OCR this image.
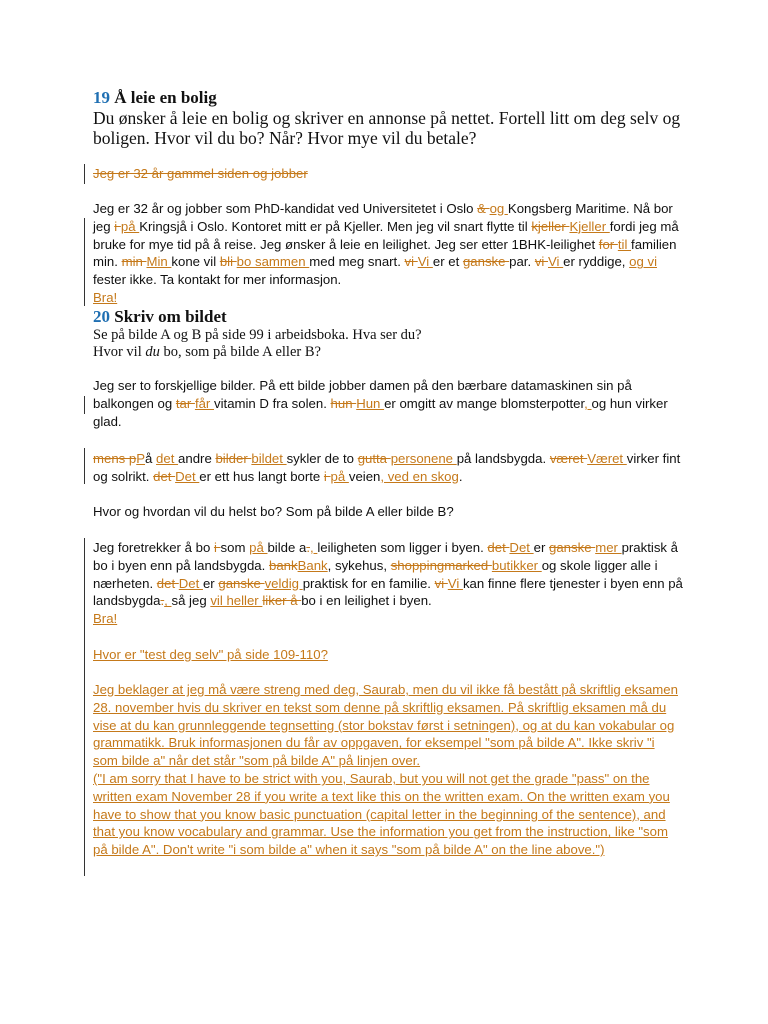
19 Å leie en bolig
Du ønsker å leie en bolig og skriver en annonse på nettet. Fortell litt om deg selv og boligen. Hvor vil du bo? Når? Hvor mye vil du betale?
Jeg er 32 år gammel siden og jobber
Jeg er 32 år og jobber som PhD-kandidat ved Universitetet i Oslo & og Kongsberg Maritime. Nå bor jeg i på Kringsjå i Oslo. Kontoret mitt er på Kjeller. Men jeg vil snart flytte til kjeller Kjeller fordi jeg må bruke for mye tid på å reise. Jeg ønsker å leie en leilighet. Jeg ser etter 1BHK-leilighet for til familien min. min Min kone vil bli bo sammen med meg snart. vi Vi er et ganske par. vi Vi er ryddige, og vi fester ikke. Ta kontakt for mer informasjon.
Bra!
20 Skriv om bildet
Se på bilde A og B på side 99 i arbeidsboka. Hva ser du?
Hvor vil du bo, som på bilde A eller B?
Jeg ser to forskjellige bilder. På ett bilde jobber damen på den bærbare datamaskinen sin på balkongen og tar får vitamin D fra solen. hun Hun er omgitt av mange blomsterpotter, og hun virker glad.
mens pPå det andre bilder bildet sykler de to gutta personene på landsbygda. været Været virker fint og solrikt. det Det er ett hus langt borte i på veien, ved en skog.
Hvor og hvordan vil du helst bo? Som på bilde A eller bilde B?
Jeg foretrekker å bo i som på bilde a., leiligheten som ligger i byen. det Det er ganske mer praktisk å bo i byen enn på landsbygda. bankBank, sykehus, shoppingmarked butikker og skole ligger alle i nærheten. det Det er ganske veldig praktisk for en familie. vi Vi kan finne flere tjenester i byen enn på landsbygda., så jeg vil heller liker å bo i en leilighet i byen.
Bra!
Hvor er "test deg selv" på side 109-110?
Jeg beklager at jeg må være streng med deg, Saurab, men du vil ikke få bestått på skriftlig eksamen 28. november hvis du skriver en tekst som denne på skriftlig eksamen. På skriftlig eksamen må du vise at du kan grunnleggende tegnsetting (stor bokstav først i setningen), og at du kan vokabular og grammatikk. Bruk informasjonen du får av oppgaven, for eksempel "som på bilde A". Ikke skriv "i som bilde a" når det står "som på bilde A" på linjen over.
("I am sorry that I have to be strict with you, Saurab, but you will not get the grade "pass" on the written exam November 28 if you write a text like this on the written exam. On the written exam you have to show that you know basic punctuation (capital letter in the beginning of the sentence), and that you know vocabulary and grammar. Use the information you get from the instruction, like "som på bilde A". Don't write "i som bilde a" when it says "som på bilde A" on the line above.")
